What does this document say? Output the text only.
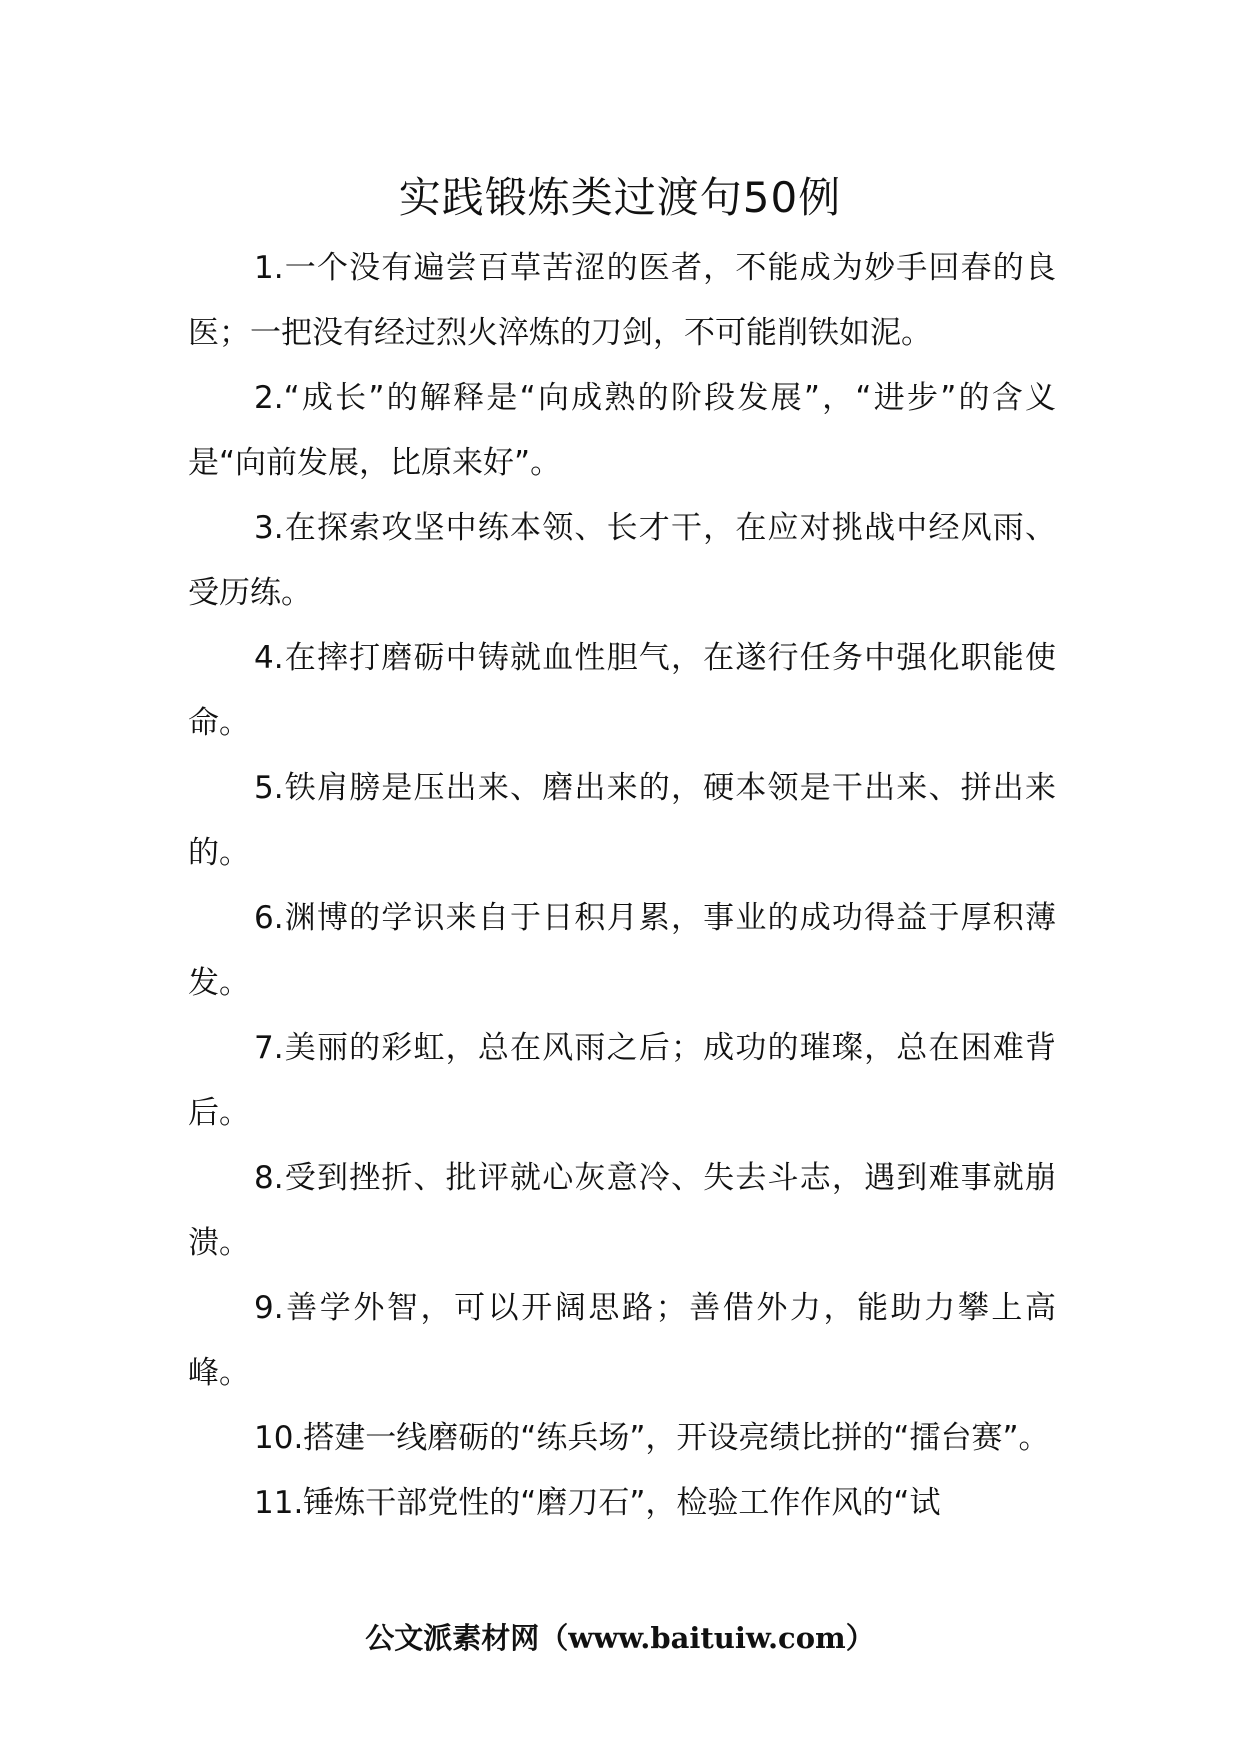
实践锻炼类过渡句50例

1.一个没有遍尝百草苦涩的医者，不能成为妙手回春的良医；一把没有经过烈火淬炼的刀剑，不可能削铁如泥。

2.“成长”的解释是“向成熟的阶段发展”，“进步”的含义是“向前发展，比原来好”。

3.在探索攻坚中练本领、长才干，在应对挑战中经风雨、受历练。

4.在摔打磨砺中铸就血性胆气，在遂行任务中强化职能使命。

5.铁肩膀是压出来、磨出来的，硬本领是干出来、拼出来的。

6.渊博的学识来自于日积月累，事业的成功得益于厚积薄发。

7.美丽的彩虹，总在风雨之后；成功的璀璨，总在困难背后。

8.受到挫折、批评就心灰意冷、失去斗志，遇到难事就崩溃。

9.善学外智，可以开阔思路；善借外力，能助力攀上高峰。

10.搭建一线磨砺的“练兵场”，开设亮绩比拼的“擂台赛”。

11.锤炼干部党性的“磨刀石”，检验工作作风的“试

公文派素材网（www.baituiw.com）
